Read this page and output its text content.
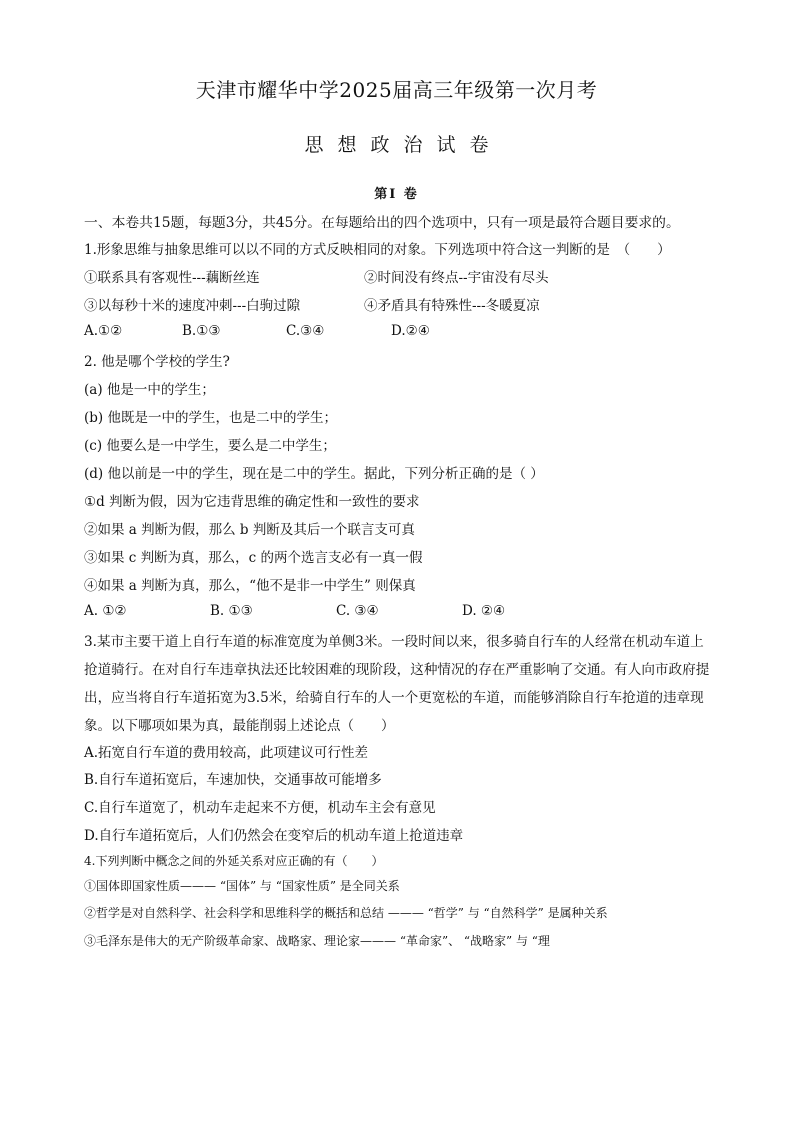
天津市耀华中学2025届高三年级第一次月考
思想政治试卷
第Ⅰ 卷
一、本卷共15题，每题3分，共45分。在每题给出的四个选项中，只有一项是最符合题目要求的。
1.形象思维与抽象思维可以以不同的方式反映相同的对象。下列选项中符合这一判断的是　（　　）
①联系具有客观性---藕断丝连	②时间没有终点--宇宙没有尽头
③以每秒十米的速度冲刺---白驹过隙	④矛盾具有特殊性---冬暖夏凉
A.①②	B.①③	C.③④	D.②④
2. 他是哪个学校的学生?
(a) 他是一中的学生；
(b) 他既是一中的学生，也是二中的学生；
(c) 他要么是一中学生，要么是二中学生；
(d) 他以前是一中的学生，现在是二中的学生。据此，下列分析正确的是（ ）
①d 判断为假，因为它违背思维的确定性和一致性的要求
②如果 a 判断为假，那么 b 判断及其后一个联言支可真
③如果 c 判断为真，那么，c 的两个选言支必有一真一假
④如果 a 判断为真，那么，“他不是非一中学生” 则保真
A. ①②	B. ①③	C. ③④	D. ②④
3.某市主要干道上自行车道的标准宽度为单侧3米。一段时间以来，很多骑自行车的人经常在机动车道上
抢道骑行。在对自行车违章执法还比较困难的现阶段，这种情况的存在严重影响了交通。有人向市政府提
出，应当将自行车道拓宽为3.5米，给骑自行车的人一个更宽松的车道，而能够消除自行车抢道的违章现
象。以下哪项如果为真，最能削弱上述论点（　　）
A.拓宽自行车道的费用较高，此项建议可行性差
B.自行车道拓宽后，车速加快，交通事故可能增多
C.自行车道宽了，机动车走起来不方便，机动车主会有意见
D.自行车道拓宽后，人们仍然会在变窄后的机动车道上抢道违章
4.下列判断中概念之间的外延关系对应正确的有（　　）
①国体即国家性质——— “国体” 与 “国家性质” 是全同关系
②哲学是对自然科学、社会科学和思维科学的概括和总结 ——— “哲学” 与 “自然科学” 是属种关系
③毛泽东是伟大的无产阶级革命家、战略家、理论家——— “革命家”、 “战略家” 与 “理
